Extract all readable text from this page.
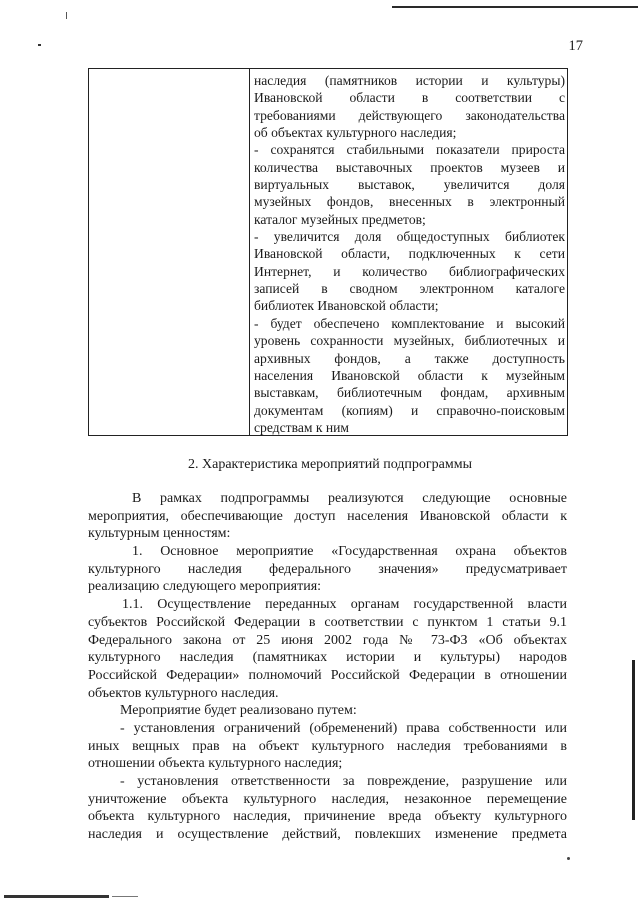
17
наследия (памятников истории и культуры)
Ивановской области в соответствии с
требованиями действующего законодательства
об объектах культурного наследия;
- сохранятся стабильными показатели прироста
количества выставочных проектов музеев и
виртуальных выставок, увеличится доля
музейных фондов, внесенных в электронный
каталог музейных предметов;
- увеличится доля общедоступных библиотек
Ивановской области, подключенных к сети
Интернет, и количество библиографических
записей в сводном электронном каталоге
библиотек Ивановской области;
- будет обеспечено комплектование и высокий
уровень сохранности музейных, библиотечных и
архивных фондов, а также доступность
населения Ивановской области к музейным
выставкам, библиотечным фондам, архивным
документам (копиям) и справочно-поисковым
средствам к ним
2. Характеристика мероприятий подпрограммы
В рамках подпрограммы реализуются следующие основные
мероприятия, обеспечивающие доступ населения Ивановской области к
культурным ценностям:
1. Основное мероприятие «Государственная охрана объектов
культурного наследия федерального значения» предусматривает
реализацию следующего мероприятия:
1.1. Осуществление переданных органам государственной власти
субъектов Российской Федерации в соответствии с пунктом 1 статьи 9.1
Федерального закона от 25 июня 2002 года № 73-ФЗ «Об объектах
культурного наследия (памятниках истории и культуры) народов
Российской Федерации» полномочий Российской Федерации в отношении
объектов культурного наследия.
Мероприятие будет реализовано путем:
- установления ограничений (обременений) права собственности или
иных вещных прав на объект культурного наследия требованиями в
отношении объекта культурного наследия;
- установления ответственности за повреждение, разрушение или
уничтожение объекта культурного наследия, незаконное перемещение
объекта культурного наследия, причинение вреда объекту культурного
наследия и осуществление действий, повлекших изменение предмета
